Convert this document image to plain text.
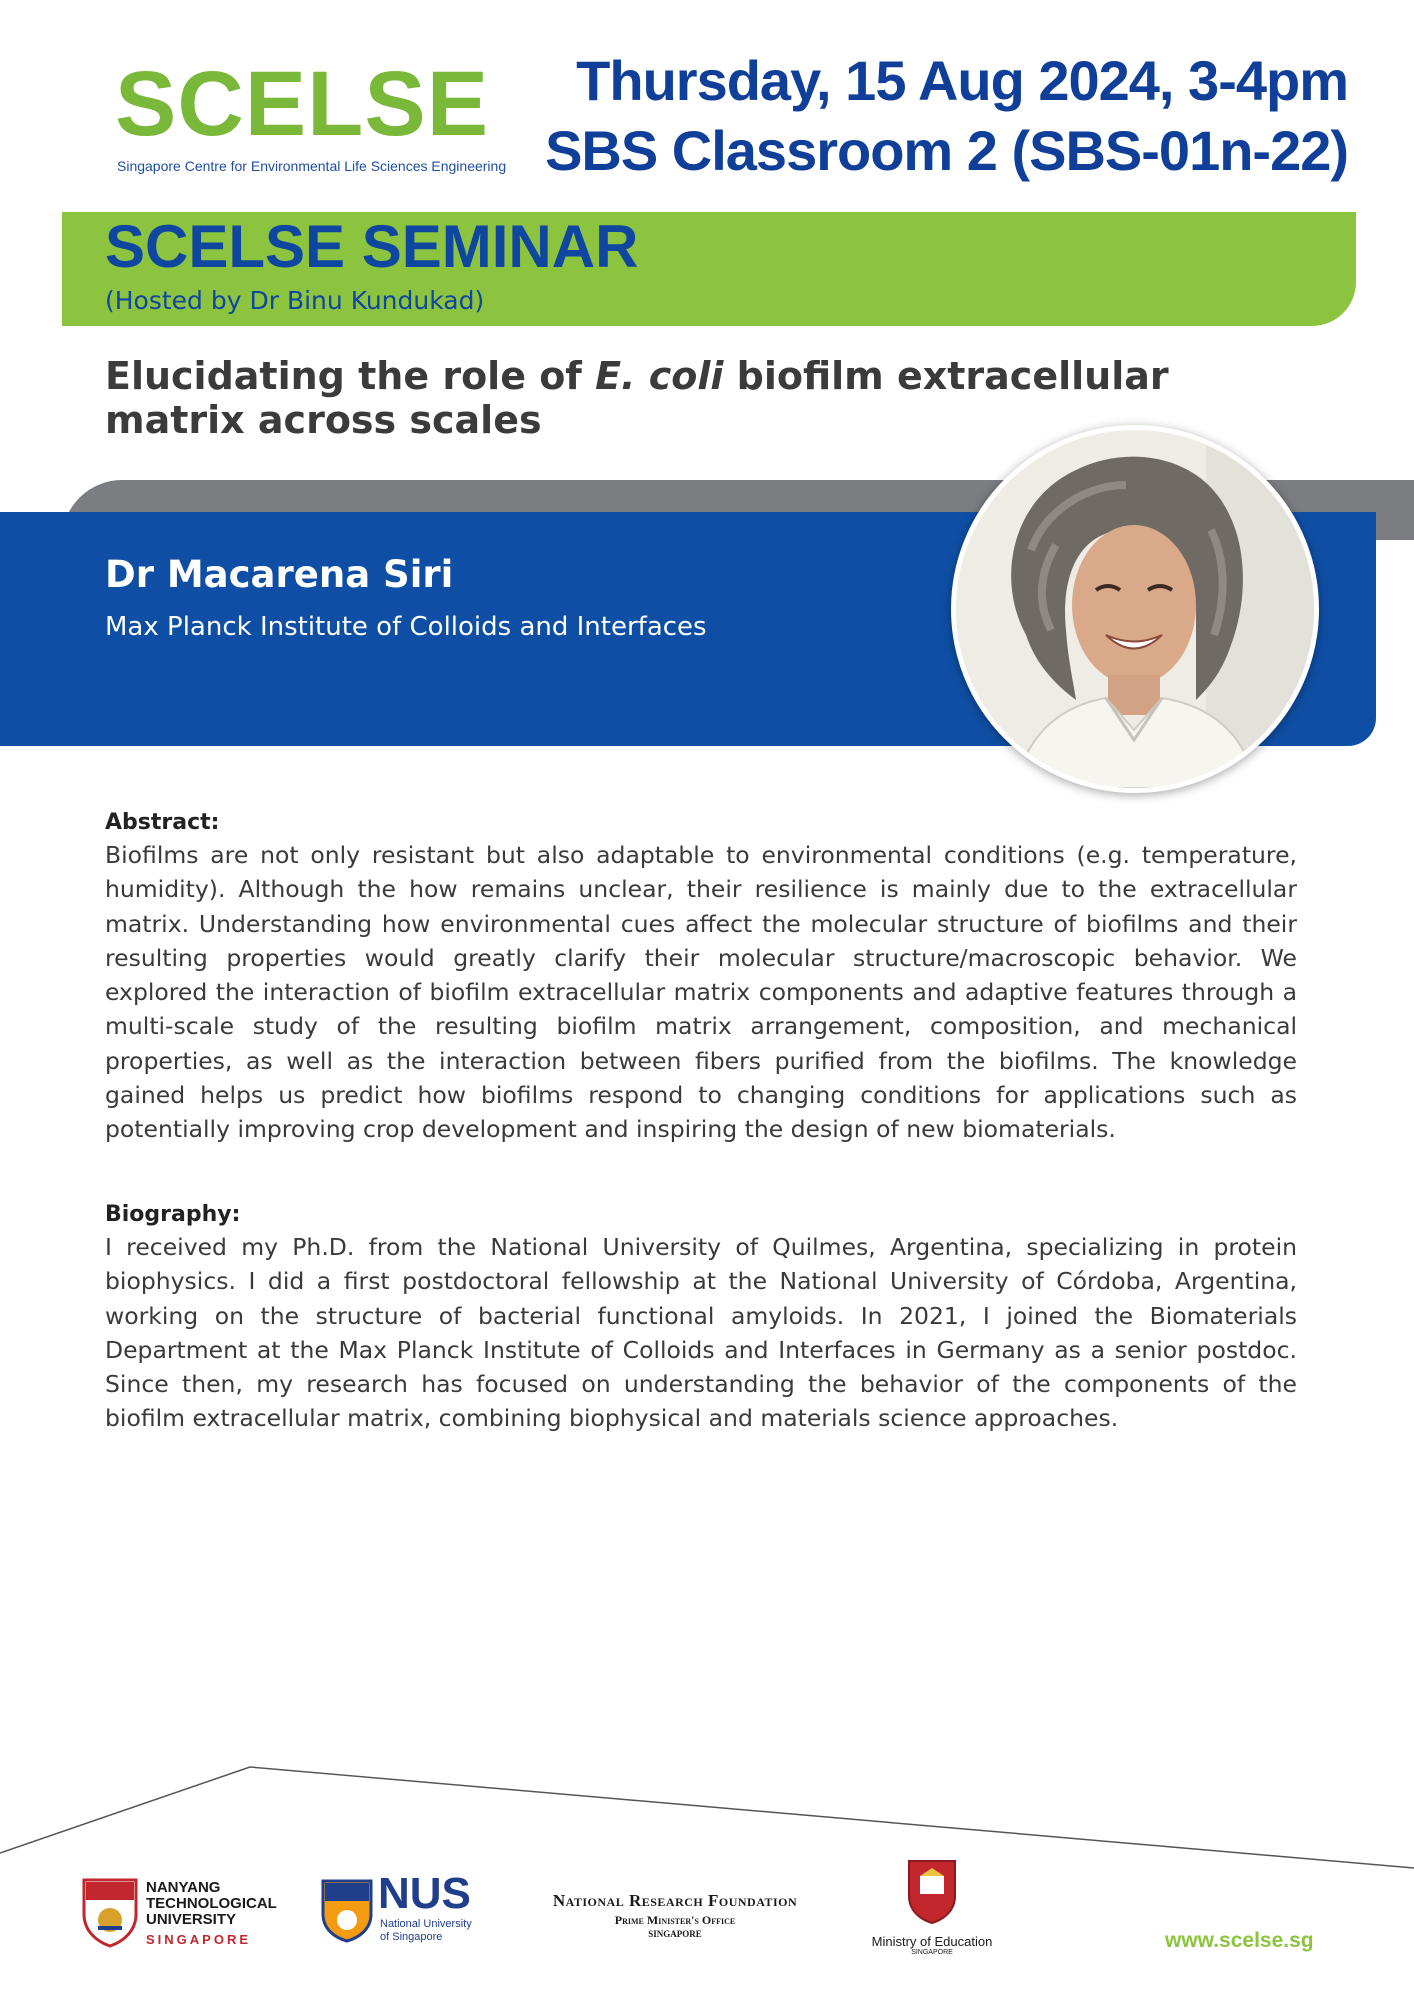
SCELSE
Singapore Centre for Environmental Life Sciences Engineering
Thursday, 15 Aug 2024, 3-4pm
SBS Classroom 2 (SBS-01n-22)
SCELSE SEMINAR
(Hosted by Dr Binu Kundukad)
Elucidating the role of E. coli biofilm extracellular matrix across scales
Dr Macarena Siri
Max Planck Institute of Colloids and Interfaces
Abstract:

Biofilms are not only resistant but also adaptable to environmental conditions (e.g. temperature, humidity). Although the how remains unclear, their resilience is mainly due to the extracellular matrix. Understanding how environmental cues affect the molecular structure of biofilms and their resulting properties would greatly clarify their molecular structure/macroscopic behavior. We explored the interaction of biofilm extracellular matrix components and adaptive features through a multi-scale study of the resulting biofilm matrix arrangement, composition, and mechanical properties, as well as the interaction between fibers purified from the biofilms. The knowledge gained helps us predict how biofilms respond to changing conditions for applications such as potentially improving crop development and inspiring the design of new biomaterials.

Biography:

I received my Ph.D. from the National University of Quilmes, Argentina, specializing in protein biophysics. I did a first postdoctoral fellowship at the National University of Córdoba, Argentina, working on the structure of bacterial functional amyloids. In 2021, I joined the Biomaterials Department at the Max Planck Institute of Colloids and Interfaces in Germany as a senior postdoc. Since then, my research has focused on understanding the behavior of the components of the biofilm extracellular matrix, combining biophysical and materials science approaches.

NANYANG
TECHNOLOGICAL
UNIVERSITY
SINGAPORE
NUS
National University
of Singapore
National Research Foundation
Prime Minister's Office
SINGAPORE	Ministry of Education
SINGAPORE
www.scelse.sg
